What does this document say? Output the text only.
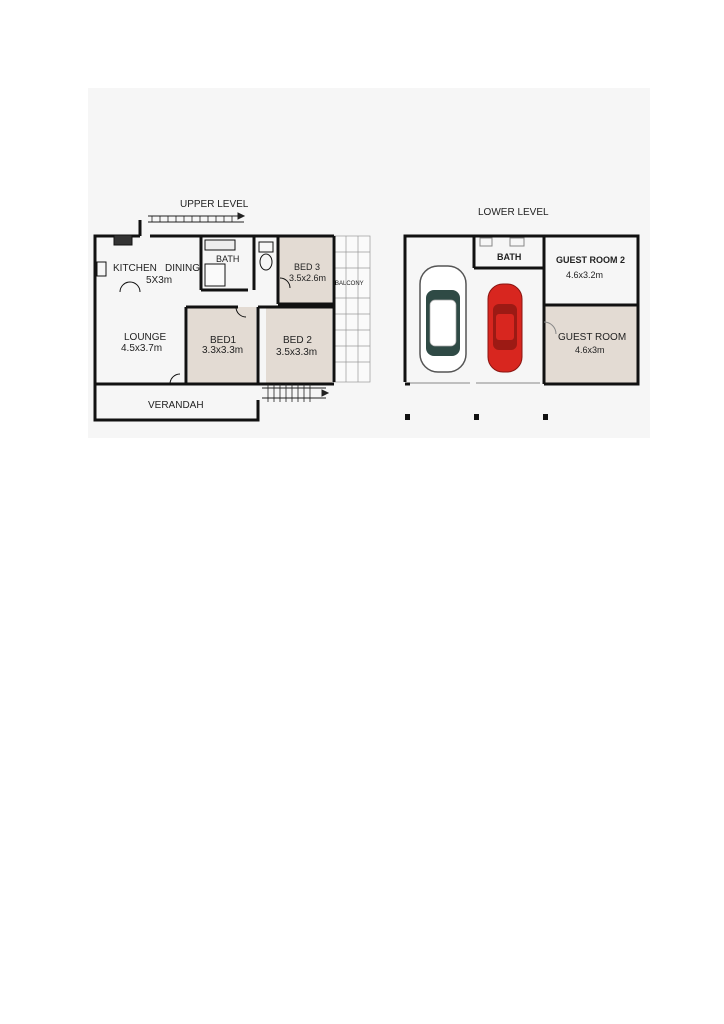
UPPER LEVEL
KITCHEN DINING
5X3m
BATH
BED 3
3.5x2.6m
BALCONY
LOUNGE
4.5x3.7m
BED1
3.3x3.3m
BED 2
3.5x3.3m
VERANDAH
LOWER LEVEL
BATH	GUEST ROOM 2
4.6x3.2m
GUEST ROOM
4.6x3m
